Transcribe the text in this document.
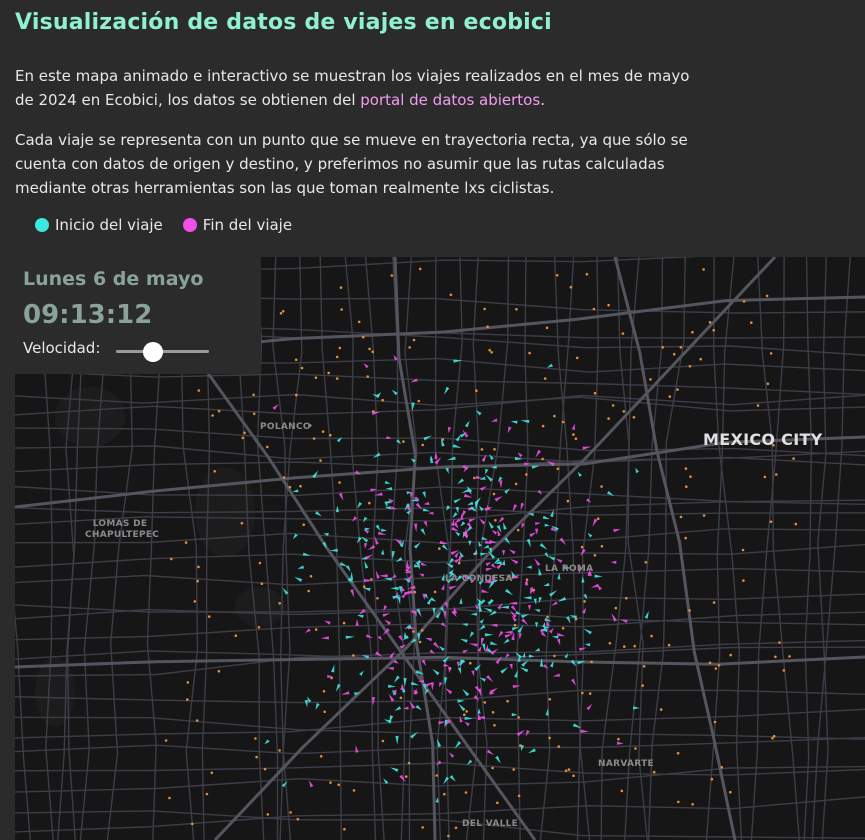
Visualización de datos de viajes en ecobici

En este mapa animado e interactivo se muestran los viajes realizados en el mes de mayo de 2024 en Ecobici, los datos se obtienen del portal de datos abiertos.

Cada viaje se representa con un punto que se mueve en trayectoria recta, ya que sólo se cuenta con datos de origen y destino, y preferimos no asumir que las rutas calculadas mediante otras herramientas son las que toman realmente lxs ciclistas.

Inicio del viaje	Fin del viaje
POLANCO
LOMAS DE CHAPULTEPEC
LA CONDESA
LA ROMA
NARVARTE
DEL VALLE
MEXICO CITY
Lunes 6 de mayo
09:13:12
Velocidad:
